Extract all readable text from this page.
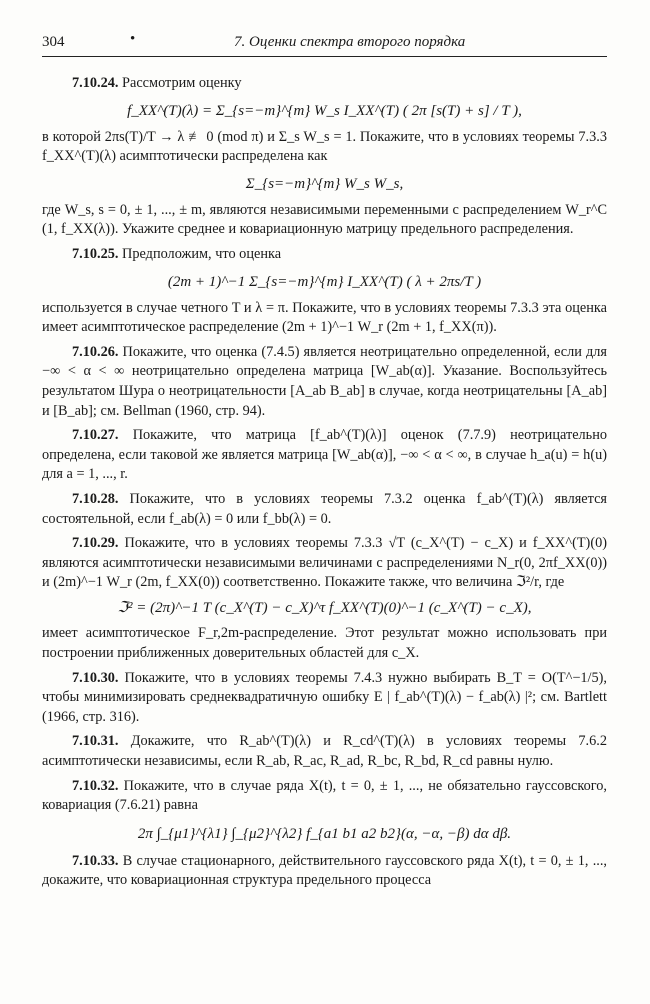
304	•	7. Оценки спектра второго порядка

7.10.24. Рассмотрим оценку

f_XX^(T)(λ) = Σ_{s=−m}^{m} W_s I_XX^(T) ( 2π [s(T) + s] / T ),

в которой 2πs(T)/T → λ ≢ 0 (mod π) и Σ_s W_s = 1. Покажите, что в условиях теоремы 7.3.3 f_XX^(T)(λ) асимптотически распределена как

Σ_{s=−m}^{m} W_s W_s,

где W_s, s = 0, ± 1, ..., ± m, являются независимыми переменными с распределением W_r^C (1, f_XX(λ)). Укажите среднее и ковариационную матрицу предельного распределения.

7.10.25. Предположим, что оценка

(2m + 1)^−1 Σ_{s=−m}^{m} I_XX^(T) ( λ + 2πs/T )

используется в случае четного T и λ = π. Покажите, что в условиях теоремы 7.3.3 эта оценка имеет асимптотическое распределение (2m + 1)^−1 W_r (2m + 1, f_XX(π)).

7.10.26. Покажите, что оценка (7.4.5) является неотрицательно определенной, если для −∞ < α < ∞ неотрицательно определена матрица [W_ab(α)]. Указание. Воспользуйтесь результатом Шура о неотрицательности [A_ab B_ab] в случае, когда неотрицательны [A_ab] и [B_ab]; см. Bellman (1960, стр. 94).

7.10.27. Покажите, что матрица [f_ab^(T)(λ)] оценок (7.7.9) неотрицательно определена, если таковой же является матрица [W_ab(α)], −∞ < α < ∞, в случае h_a(u) = h(u) для a = 1, ..., r.

7.10.28. Покажите, что в условиях теоремы 7.3.2 оценка f_ab^(T)(λ) является состоятельной, если f_ab(λ) = 0 или f_bb(λ) = 0.

7.10.29. Покажите, что в условиях теоремы 7.3.3 √T (c_X^(T) − c_X) и f_XX^(T)(0) являются асимптотически независимыми величинами с распределениями N_r(0, 2πf_XX(0)) и (2m)^−1 W_r (2m, f_XX(0)) соответственно. Покажите также, что величина ℑ²/r, где

ℑ² = (2π)^−1 T (c_X^(T) − c_X)^τ f_XX^(T)(0)^−1 (c_X^(T) − c_X),

имеет асимптотическое F_r,2m-распределение. Этот результат можно использовать при построении приближенных доверительных областей для c_X.

7.10.30. Покажите, что в условиях теоремы 7.4.3 нужно выбирать B_T = O(T^−1/5), чтобы минимизировать среднеквадратичную ошибку E | f_ab^(T)(λ) − f_ab(λ) |²; см. Bartlett (1966, стр. 316).

7.10.31. Докажите, что R_ab^(T)(λ) и R_cd^(T)(λ) в условиях теоремы 7.6.2 асимптотически независимы, если R_ab, R_ac, R_ad, R_bc, R_bd, R_cd равны нулю.

7.10.32. Покажите, что в случае ряда X(t), t = 0, ± 1, ..., не обязательно гауссовского, ковариация (7.6.21) равна

2π ∫_{μ1}^{λ1} ∫_{μ2}^{λ2} f_{a1 b1 a2 b2}(α, −α, −β) dα dβ.

7.10.33. В случае стационарного, действительного гауссовского ряда X(t), t = 0, ± 1, ..., докажите, что ковариационная структура предельного процесса
